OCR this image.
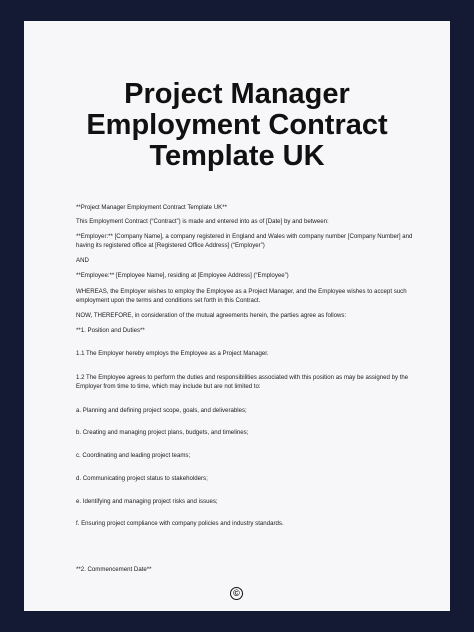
Project Manager
Employment Contract
Template UK

**Project Manager Employment Contract Template UK**

This Employment Contract (“Contract”) is made and entered into as of [Date] by and between:

**Employer:** [Company Name], a company registered in England and Wales with company number [Company Number] and having its registered office at [Registered Office Address] (“Employer”)

AND

**Employee:** [Employee Name], residing at [Employee Address] (“Employee”)

WHEREAS, the Employer wishes to employ the Employee as a Project Manager, and the Employee wishes to accept such employment upon the terms and conditions set forth in this Contract.

NOW, THEREFORE, in consideration of the mutual agreements herein, the parties agree as follows:

**1. Position and Duties**

1.1 The Employer hereby employs the Employee as a Project Manager.

1.2 The Employee agrees to perform the duties and responsibilities associated with this position as may be assigned by the Employer from time to time, which may include but are not limited to:

a. Planning and defining project scope, goals, and deliverables;

b. Creating and managing project plans, budgets, and timelines;

c. Coordinating and leading project teams;

d. Communicating project status to stakeholders;

e. Identifying and managing project risks and issues;

f. Ensuring project compliance with company policies and industry standards.

**2. Commencement Date**

©
